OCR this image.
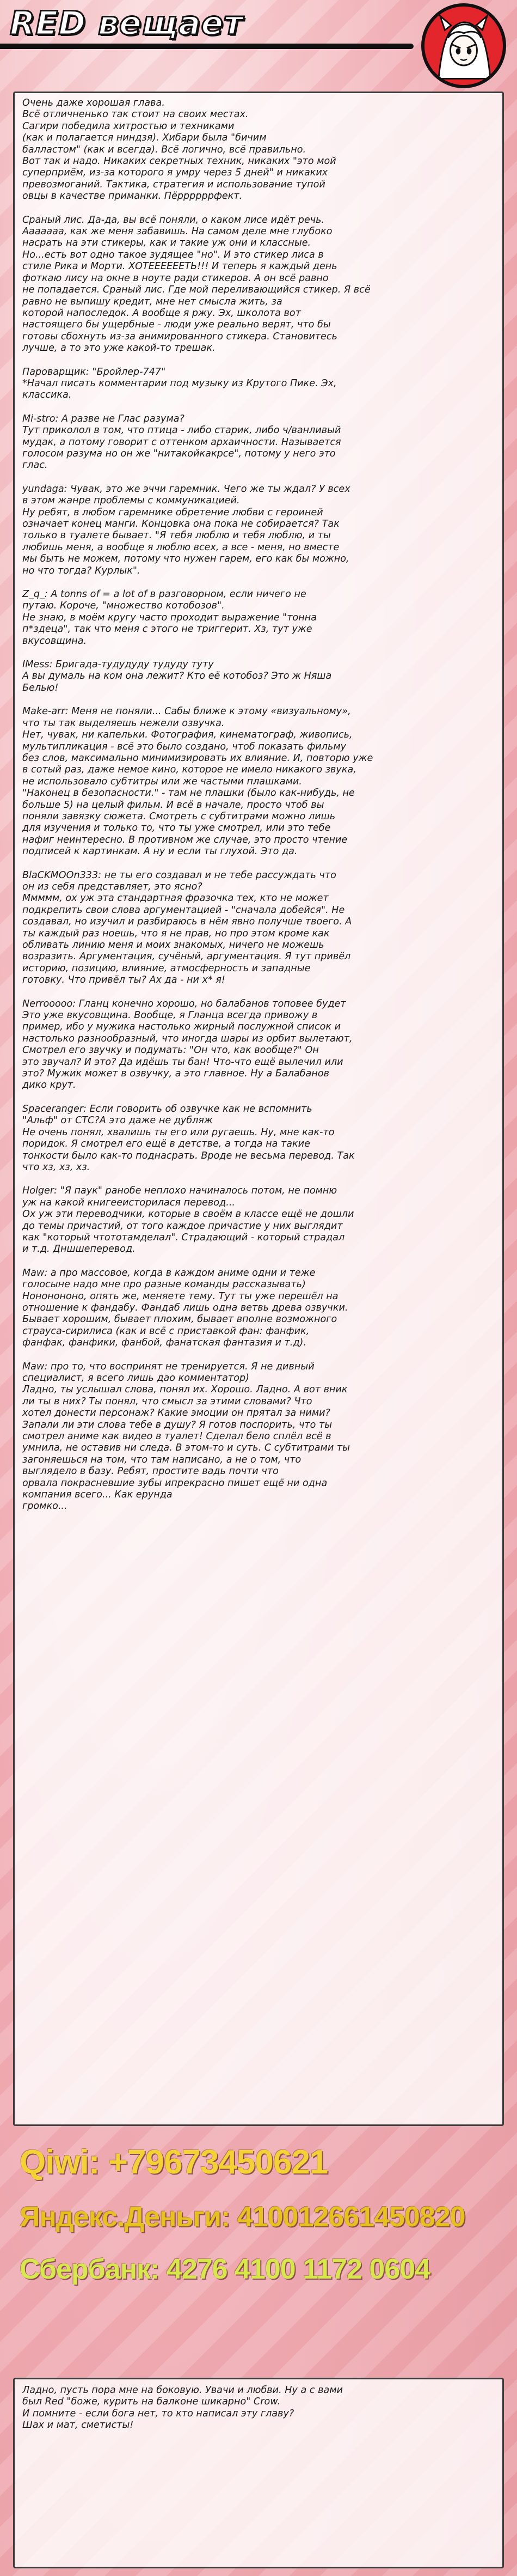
RED вещает

Очень даже хорошая глава.
Всё отличненько так стоит на своих местах.
Сагири победила хитростью и техниками
(как и полагается ниндзя). Хибари была "бичим
балластом" (как и всегда). Всё логично, всё правильно.
Вот так и надо. Никаких секретных техник, никаких "это мой
суперприём, из-за которого я умру через 5 дней" и никаких
превозмоганий. Тактика, стратегия и использование тупой
овцы в качестве приманки. Пёррррррфект.

Сраный лис. Да-да, вы всё поняли, о каком лисе идёт речь.
Ааааааа, как же меня забавишь. На самом деле мне глубоко
насрать на эти стикеры, как и такие уж они и классные.
Но...есть вот одно такое зудящее "но". И это стикер лиса в
стиле Рика и Морти. ХОТЕЕЕЕЕЕТЬ!!! И теперь я каждый день
фоткаю лису на окне в ноуте ради стикеров. А он всё равно
не попадается. Сраный лис. Где мой переливающийся стикер. Я всё
равно не выпишу кредит, мне нет смысла жить, за
которой напоследок. А вообще я ржу. Эх, школота вот
настоящего бы ущербные - люди уже реально верят, что бы
готовы сбохнуть из-за анимированного стикера. Становитесь
лучше, а то это уже какой-то трешак.

Пароварщик: "Бройлер-747"
*Начал писать комментарии под музыку из Крутого Пике. Эх,
классика.

Mi-stro: А разве не Глас разума?
Тут приколол в том, что птица - либо старик, либо ч/ванливый
мудак, а потому говорит с оттенком архаичности. Называется
голосом разума но он же "нитакойкакрсе", потому у него это
глас.

yundaga: Чувак, это же эччи гаремник. Чего же ты ждал? У всех
в этом жанре проблемы с коммуникацией.
Ну ребят, в любом гаремнике обретение любви с героиней
означает конец манги. Концовка она пока не собирается? Так
только в туалете бывает. "Я тебя люблю и тебя люблю, и ты
любишь меня, а вообще я люблю всех, а все - меня, но вместе
мы быть не можем, потому что нужен гарем, его как бы можно,
но что тогда? Курлык".

Z_q_: A tonns of = a lot of в разговорном, если ничего не
путаю. Короче, "множество котобозов".
Не знаю, в моём кругу часто проходит выражение "тонна
п*здеца", так что меня с этого не триггерит. Хз, тут уже
вкусовщина.

IMess: Бригада-тудудуду тудуду туту
А вы думаль на ком она лежит? Кто её котобоз? Это ж Няша
Белью!

Make-arr: Меня не поняли... Сабы ближе к этому «визуальному»,
что ты так выделяешь нежели озвучка.
Нет, чувак, ни капельки. Фотография, кинематограф, живопись,
мультипликация - всё это было создано, чтоб показать фильму
без слов, максимально минимизировать их влияние. И, повторю уже
в сотый раз, даже немое кино, которое не имело никакого звука,
не использовало субтитры или же частыми плашками.
"Наконец в безопасности." - там не плашки (было как-нибудь, не
больше 5) на целый фильм. И всё в начале, просто чтоб вы
поняли завязку сюжета. Смотреть с субтитрами можно лишь
для изучения и только то, что ты уже смотрел, или это тебе
нафиг неинтересно. В противном же случае, это просто чтение
подписей к картинкам. А ну и если ты глухой. Это да.

BlaCKMOOn333: не ты его создавал и не тебе рассуждать что
он из себя представляет, это ясно?
Ммммм, ох уж эта стандартная фразочка тех, кто не может
подкрепить свои слова аргументацией - "сначала добейся". Не
создавал, но изучил и разбираюсь в нём явно получше твоего. А
ты каждый раз ноешь, что я не прав, но про этом кроме как
обливать линию меня и моих знакомых, ничего не можешь
возразить. Аргументация, сучёный, аргументация. Я тут привёл
историю, позицию, влияние, атмосферность и западные
готовку. Что привёл ты? Ах да - ни х* я!

Nerrooooo: Гланц конечно хорошо, но балабанов топовее будет
Это уже вкусовщина. Вообще, я Гланца всегда привожу в
пример, ибо у мужика настолько жирный послужной список и
настолько разнообразный, что иногда шары из орбит вылетают,
Смотрел его звучку и подумать: "Он что, как вообще?" Он
это звучал? И это? Да идёшь ты бан! Что-что ещё вылечил или
это? Мужик может в озвучку, а это главное. Ну а Балабанов
дико крут.

Spacerangеr: Если говорить об озвучке как не вспомнить
"Альф" от СТС?А это даже не дубляж
Не очень понял, хвалишь ты его или ругаешь. Ну, мне как-то
поридок. Я смотрел его ещё в детстве, а тогда на такие
тонкости было как-то поднасрать. Вроде не весьма перевод. Так
что хз, хз, хз.

Holger: "Я паук" ранобе неплохо начиналось потом, не помню
уж на какой книгееисторилася перевод...
Ох уж эти переводчики, которые в своём в классе ещё не дошли
до темы причастий, от того каждое причастие у них выглядит
как "который чтототамделал". Страдающий - который страдал
и т.д. Дншшеперевод.

Maw: а про массовое, когда в каждом аниме одни и теже
голосыне надо мне про разные команды рассказывать)
Нононононо, опять же, меняете тему. Тут ты уже перешёл на
отношение к фандабу. Фандаб лишь одна ветвь древа озвучки.
Бывает хорошим, бывает плохим, бывает вполне возможного
страуса-сирилиса (как и всё с приставкой фан: фанфик,
фанфак, фанфики, фанбой, фанатская фантазия и т.д).

Maw: про то, что воспринят не тренируется. Я не дивный
специалист, я всего лишь дао комментатор)
Ладно, ты услышал слова, понял их. Хорошо. Ладно. А вот вник
ли ты в них? Ты понял, что смысл за этими словами? Что
хотел донести персонаж? Какие эмоции он прятал за ними?
Запали ли эти слова тебе в душу? Я готов поспорить, что ты
смотрел аниме как видео в туалет! Сделал бело сплёл всё в
умнила, не оставив ни следа. В этом-то и суть. С субтитрами ты
загоняешься на том, что там написано, а не о том, что
выглядело в базу. Ребят, простите вадь почти что
орвала покрасневшие зубы ипрекрасно пишет ещё ни одна
компания всего... Как ерунда
громко...

Qiwi: +79673450621
Яндекс.Деньги: 410012661450820
Сбербанк: 4276 4100 1172 0604

Ладно, пусть пора мне на боковую. Увачи и любви. Ну а с вами
был Red "боже, курить на балконе шикарно" Crow.
И помните - если бога нет, то кто написал эту главу?
Шах и мат, сметисты!
